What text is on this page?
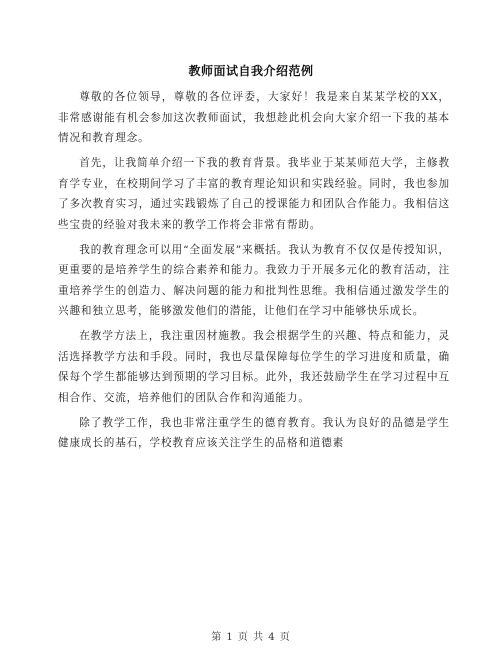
教师面试自我介绍范例

尊敬的各位领导，尊敬的各位评委，大家好！我是来自某某学校的XX，非常感谢能有机会参加这次教师面试，我想趁此机会向大家介绍一下我的基本情况和教育理念。

首先，让我简单介绍一下我的教育背景。我毕业于某某师范大学，主修教育学专业，在校期间学习了丰富的教育理论知识和实践经验。同时，我也参加了多次教育实习，通过实践锻炼了自己的授课能力和团队合作能力。我相信这些宝贵的经验对我未来的教学工作将会非常有帮助。

我的教育理念可以用“全面发展”来概括。我认为教育不仅仅是传授知识，更重要的是培养学生的综合素养和能力。我致力于开展多元化的教育活动，注重培养学生的创造力、解决问题的能力和批判性思维。我相信通过激发学生的兴趣和独立思考，能够激发他们的潜能，让他们在学习中能够快乐成长。

在教学方法上，我注重因材施教。我会根据学生的兴趣、特点和能力，灵活选择教学方法和手段。同时，我也尽量保障每位学生的学习进度和质量，确保每个学生都能够达到预期的学习目标。此外，我还鼓励学生在学习过程中互相合作、交流，培养他们的团队合作和沟通能力。

除了教学工作，我也非常注重学生的德育教育。我认为良好的品德是学生健康成长的基石，学校教育应该关注学生的品格和道德素

第 1 页 共 4 页
